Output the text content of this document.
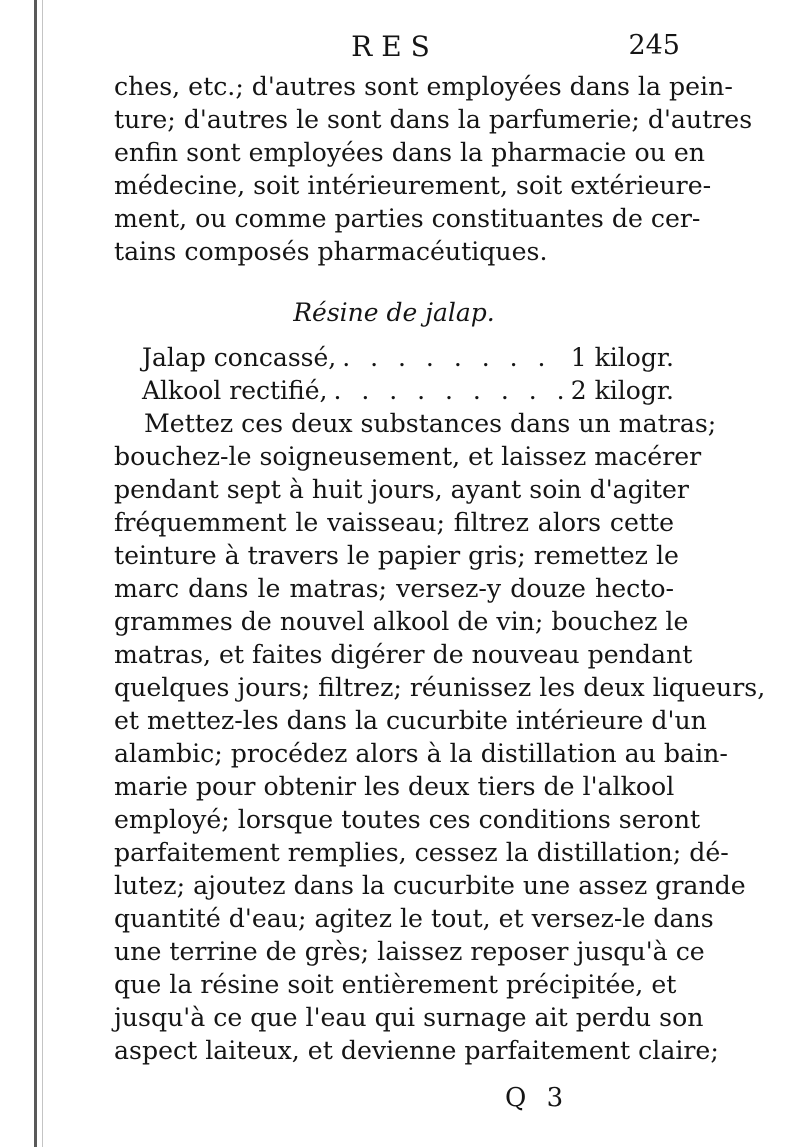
RES	245
ches, etc.; d'autres sont employées dans la pein-
ture; d'autres le sont dans la parfumerie; d'autres
enfin sont employées dans la pharmacie ou en
médecine, soit intérieurement, soit extérieure-
ment, ou comme parties constituantes de cer-
tains composés pharmacéutiques.
Résine de jalap.
Jalap concassé, . . .	1 kilogr.
Alkool rectifié, . . .	2 kilogr.
Mettez ces deux substances dans un matras;
bouchez-le soigneusement, et laissez macérer
pendant sept à huit jours, ayant soin d'agiter
fréquemment le vaisseau; filtrez alors cette
teinture à travers le papier gris; remettez le
marc dans le matras; versez-y douze hecto-
grammes de nouvel alkool de vin; bouchez le
matras, et faites digérer de nouveau pendant
quelques jours; filtrez; réunissez les deux liqueurs,
et mettez-les dans la cucurbite intérieure d'un
alambic; procédez alors à la distillation au bain-
marie pour obtenir les deux tiers de l'alkool
employé; lorsque toutes ces conditions seront
parfaitement remplies, cessez la distillation; dé-
lutez; ajoutez dans la cucurbite une assez grande
quantité d'eau; agitez le tout, et versez-le dans
une terrine de grès; laissez reposer jusqu'à ce
que la résine soit entièrement précipitée, et
jusqu'à ce que l'eau qui surnage ait perdu son
aspect laiteux, et devienne parfaitement claire;
Q 3
